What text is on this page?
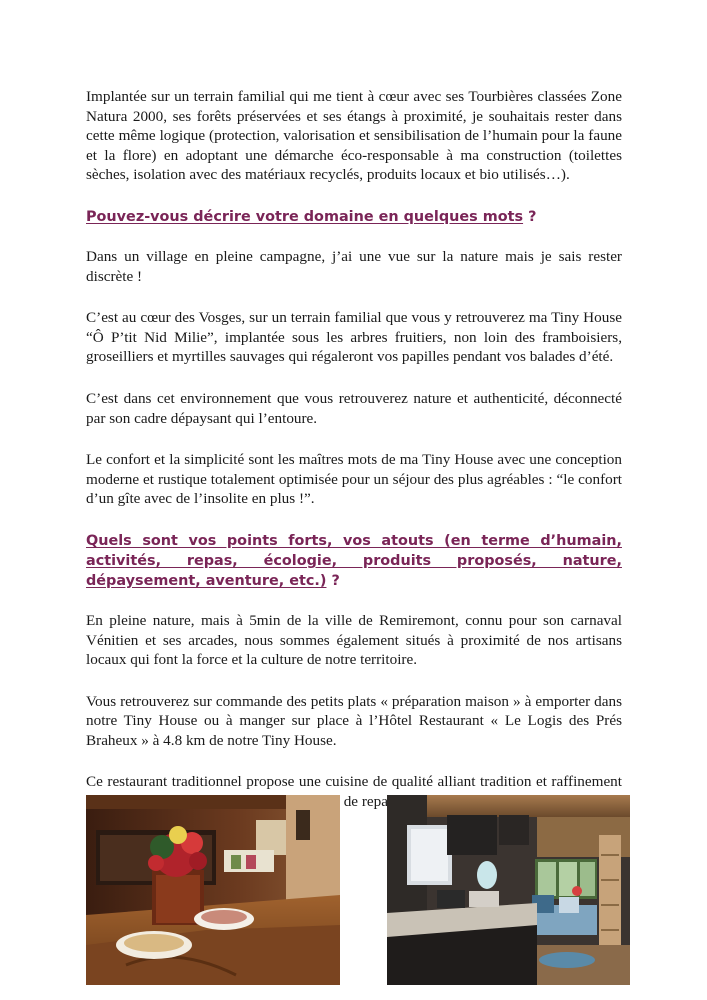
Implantée sur un terrain familial qui me tient à cœur avec ses Tourbières classées Zone Natura 2000, ses forêts préservées et ses étangs à proximité, je souhaitais rester dans cette même logique (protection, valorisation et sensibilisation de l’humain pour la faune et la flore) en adoptant une démarche éco-responsable à ma construction (toilettes sèches, isolation avec des matériaux recyclés, produits locaux et bio utilisés…).

Pouvez-vous décrire votre domaine en quelques mots ?

Dans un village en pleine campagne, j’ai une vue sur la nature mais je sais rester discrète !

C’est au cœur des Vosges, sur un terrain familial que vous y retrouverez ma Tiny House “Ô P’tit Nid Milie”, implantée sous les arbres fruitiers, non loin des framboisiers, groseilliers et myrtilles sauvages qui régaleront vos papilles pendant vos balades d’été.

C’est dans cet environnement que vous retrouverez nature et authenticité, déconnecté par son cadre dépaysant qui l’entoure.

Le confort et la simplicité sont les maîtres mots de ma Tiny House avec une conception moderne et rustique totalement optimisée pour un séjour des plus agréables : “le confort d’un gîte avec de l’insolite en plus !”.

Quels sont vos points forts, vos atouts (en terme d’humain, activités, repas, écologie, produits proposés, nature, dépaysement, aventure, etc.) ?

En pleine nature, mais à 5min de la ville de Remiremont, connu pour son carnaval Vénitien et ses arcades, nous sommes également situés à proximité de nos artisans locaux qui font la force et la culture de notre territoire.

Vous retrouverez sur commande des petits plats « préparation maison » à emporter dans notre Tiny House ou à manger sur place à l’Hôtel Restaurant « Le Logis des Prés Braheux » à 4.8 km de notre Tiny House.

Ce restaurant traditionnel propose une cuisine de qualité alliant tradition et raffinement de repas.
